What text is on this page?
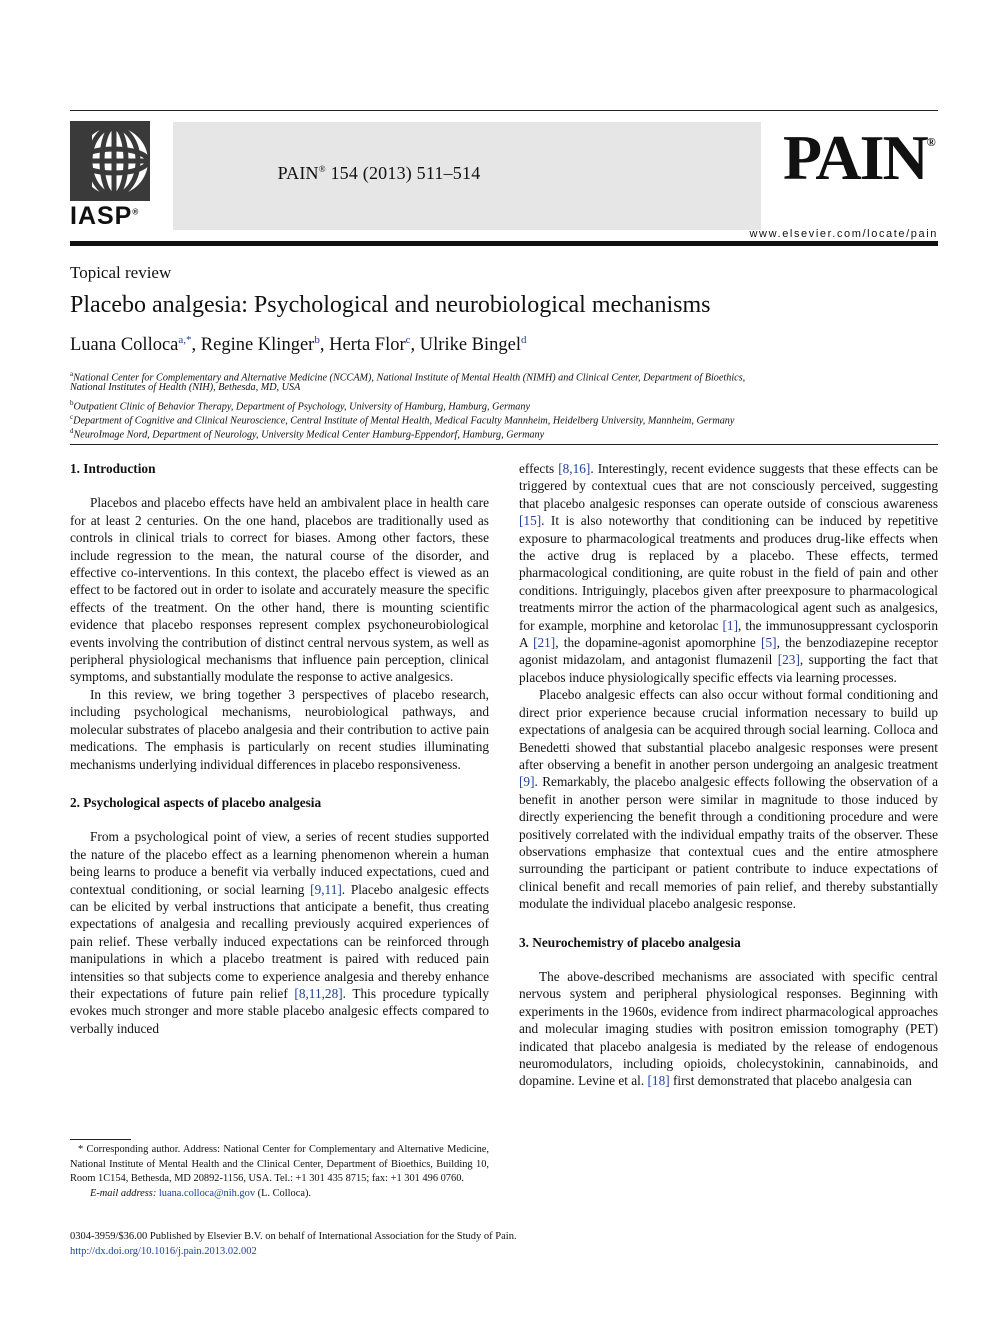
IASP®
PAIN® 154 (2013) 511–514	PAIN®
www.elsevier.com/locate/pain
Topical review
Placebo analgesia: Psychological and neurobiological mechanisms
Luana Colloca$^{a,*}$, Regine Klinger$^b$, Herta Flor$^c$, Ulrike Bingel$^d$
$^a$National Center for Complementary and Alternative Medicine (NCCAM), National Institute of Mental Health (NIMH) and Clinical Center, Department of Bioethics,
National Institutes of Health (NIH), Bethesda, MD, USA
$^b$Outpatient Clinic of Behavior Therapy, Department of Psychology, University of Hamburg, Hamburg, Germany
$^c$Department of Cognitive and Clinical Neuroscience, Central Institute of Mental Health, Medical Faculty Mannheim, Heidelberg University, Mannheim, Germany
$^d$NeuroImage Nord, Department of Neurology, University Medical Center Hamburg-Eppendorf, Hamburg, Germany
1. Introduction

Placebos and placebo effects have held an ambivalent place in health care for at least 2 centuries. On the one hand, placebos are traditionally used as controls in clinical trials to correct for biases. Among other factors, these include regression to the mean, the natural course of the disorder, and effective co-interventions. In this context, the placebo effect is viewed as an effect to be factored out in order to isolate and accurately measure the specific effects of the treatment. On the other hand, there is mounting scientific evidence that placebo responses represent complex psychoneurobiological events involving the contribution of distinct central nervous system, as well as peripheral physiological mechanisms that influence pain perception, clinical symptoms, and substantially modulate the response to active analgesics.

In this review, we bring together 3 perspectives of placebo research, including psychological mechanisms, neurobiological pathways, and molecular substrates of placebo analgesia and their contribution to active pain medications. The emphasis is particularly on recent studies illuminating mechanisms underlying individual differences in placebo responsiveness.

2. Psychological aspects of placebo analgesia

From a psychological point of view, a series of recent studies supported the nature of the placebo effect as a learning phenomenon wherein a human being learns to produce a benefit via verbally induced expectations, cued and contextual conditioning, or social learning [9,11]. Placebo analgesic effects can be elicited by verbal instructions that anticipate a benefit, thus creating expectations of analgesia and recalling previously acquired experiences of pain relief. These verbally induced expectations can be reinforced through manipulations in which a placebo treatment is paired with reduced pain intensities so that subjects come to experience analgesia and thereby enhance their expectations of future pain relief [8,11,28]. This procedure typically evokes much stronger and more stable placebo analgesic effects compared to verbally induced

effects [8,16]. Interestingly, recent evidence suggests that these effects can be triggered by contextual cues that are not consciously perceived, suggesting that placebo analgesic responses can operate outside of conscious awareness [15]. It is also noteworthy that conditioning can be induced by repetitive exposure to pharmacological treatments and produces drug-like effects when the active drug is replaced by a placebo. These effects, termed pharmacological conditioning, are quite robust in the field of pain and other conditions. Intriguingly, placebos given after preexposure to pharmacological treatments mirror the action of the pharmacological agent such as analgesics, for example, morphine and ketorolac [1], the immunosuppressant cyclosporin A [21], the dopamine-agonist apomorphine [5], the benzodiazepine receptor agonist midazolam, and antagonist flumazenil [23], supporting the fact that placebos induce physiologically specific effects via learning processes.

Placebo analgesic effects can also occur without formal conditioning and direct prior experience because crucial information necessary to build up expectations of analgesia can be acquired through social learning. Colloca and Benedetti showed that substantial placebo analgesic responses were present after observing a benefit in another person undergoing an analgesic treatment [9]. Remarkably, the placebo analgesic effects following the observation of a benefit in another person were similar in magnitude to those induced by directly experiencing the benefit through a conditioning procedure and were positively correlated with the individual empathy traits of the observer. These observations emphasize that contextual cues and the entire atmosphere surrounding the participant or patient contribute to induce expectations of clinical benefit and recall memories of pain relief, and thereby substantially modulate the individual placebo analgesic response.

3. Neurochemistry of placebo analgesia

The above-described mechanisms are associated with specific central nervous system and peripheral physiological responses. Beginning with experiments in the 1960s, evidence from indirect pharmacological approaches and molecular imaging studies with positron emission tomography (PET) indicated that placebo analgesia is mediated by the release of endogenous neuromodulators, including opioids, cholecystokinin, cannabinoids, and dopamine. Levine et al. [18] first demonstrated that placebo analgesia can

* Corresponding author. Address: National Center for Complementary and Alternative Medicine, National Institute of Mental Health and the Clinical Center, Department of Bioethics, Building 10, Room 1C154, Bethesda, MD 20892-1156, USA. Tel.: +1 301 435 8715; fax: +1 301 496 0760.

E-mail address: luana.colloca@nih.gov (L. Colloca).

0304-3959/$36.00 Published by Elsevier B.V. on behalf of International Association for the Study of Pain.
http://dx.doi.org/10.1016/j.pain.2013.02.002
